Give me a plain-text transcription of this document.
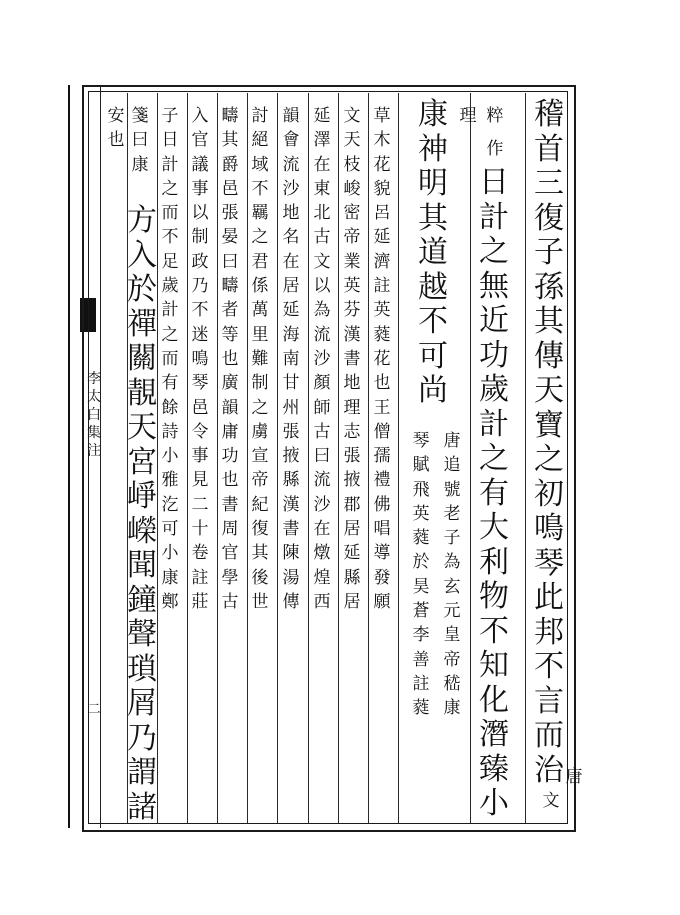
李
太
白
集
注
二
稽
首
三
復
子
孫
其
傳
天
寶
之
初
鳴
琴
此
邦
不
言
而
治 唐
文
粹
作
理
日
計
之
無
近
功
歲
計
之
有
大
利
物
不
知
化
潛
臻
小
康
神
明
其
道
越
不
可
尚
唐
追
號
老
子
為
玄
元
皇
帝
嵇
康
琴
賦
飛
英
蕤
於
昊
蒼
李
善
註
蕤
草
木
花
貌
呂
延
濟
註
英
蕤
花
也
王
僧
孺
禮
佛
唱
導
發
願
文
天
枝
峻
密
帝
業
英
芬
漢
書
地
理
志
張
掖
郡
居
延
縣
居
延
澤
在
東
北
古
文
以
為
流
沙
顏
師
古
曰
流
沙
在
燉
煌
西
韻
會
流
沙
地
名
在
居
延
海
南
甘
州
張
掖
縣
漢
書
陳
湯
傳
討
絕
域
不
羈
之
君
係
萬
里
難
制
之
虜
宣
帝
紀
復
其
後
世
疇
其
爵
邑
張
晏
曰
疇
者
等
也
廣
韻
庸
功
也
書
周
官
學
古
入
官
議
事
以
制
政
乃
不
迷
鳴
琴
邑
令
事
見
二
十
卷
註
莊
子
日
計
之
而
不
足
歲
計
之
而
有
餘
詩
小
雅
汔
可
小
康
鄭
箋
曰
康
安
也
方
入
於
禪
關
靚
天
宮
崢
嶸
聞
鐘
聲
瑣
屑
乃
謂
諸
